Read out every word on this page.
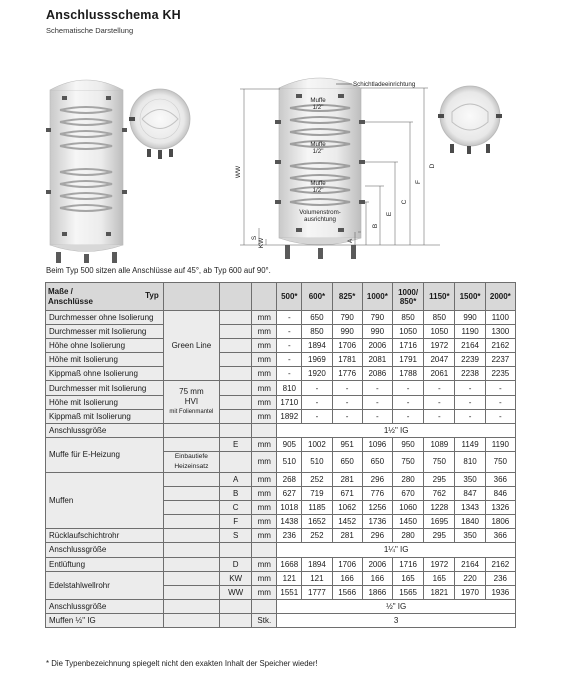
Anschlussschema KH
Schematische Darstellung
Muffe
1/2"
Muffe
1/2"
Muffe
1/2"
Volumenstrom-
ausrichtung
Schichtladeeinrichtung
WW
S KW	A
B
E
C
F
D
Beim Typ 500 sitzen alle Anschlüsse auf 45°, ab Typ 600 auf 90°.
Maße /
Anschlüsse
Typ				500*	600*	825*	1000*	1000/ 850*	1150*	1500*	2000*
Durchmesser ohne Isolierung	Green Line		mm	-	650	790	790	850	850	990	1100
Durchmesser mit Isolierung			mm	-	850	990	990	1050	1050	1190	1300
Höhe ohne Isolierung			mm	-	1894	1706	2006	1716	1972	2164	2162
Höhe mit Isolierung			mm	-	1969	1781	2081	1791	2047	2239	2237
Kippmaß ohne Isolierung			mm	-	1920	1776	2086	1788	2061	2238	2235
Durchmesser mit Isolierung	75 mm
HVI
mit Folienmantel		mm	810	-	-	-	-	-	-	-
Höhe mit Isolierung			mm	1710	-	-	-	-	-	-	-
Kippmaß mit Isolierung			mm	1892	-	-	-	-	-	-	-
Anschlussgröße				1½" IG							
Muffe für E-Heizung		E	mm	905	1002	951	1096	950	1089	1149	1190
	Einbautiefe Heizeinsatz		mm	510	510	650	650	750	750	810	750
Muffen		A	mm	268	252	281	296	280	295	350	366
		B	mm	627	719	671	776	670	762	847	846
		C	mm	1018	1185	1062	1256	1060	1228	1343	1326
		F	mm	1438	1652	1452	1736	1450	1695	1840	1806
Rücklaufschichtrohr		S	mm	236	252	281	296	280	295	350	366
Anschlussgröße				1¼" IG							
Entlüftung		D	mm	1668	1894	1706	2006	1716	1972	2164	2162
Edelstahlwellrohr		KW	mm	121	121	166	166	165	165	220	236
		WW	mm	1551	1777	1566	1866	1565	1821	1970	1936
Anschlussgröße				½" IG							
Muffen ½" IG			Stk.	3							
* Die Typenbezeichnung spiegelt nicht den exakten Inhalt der Speicher wieder!
